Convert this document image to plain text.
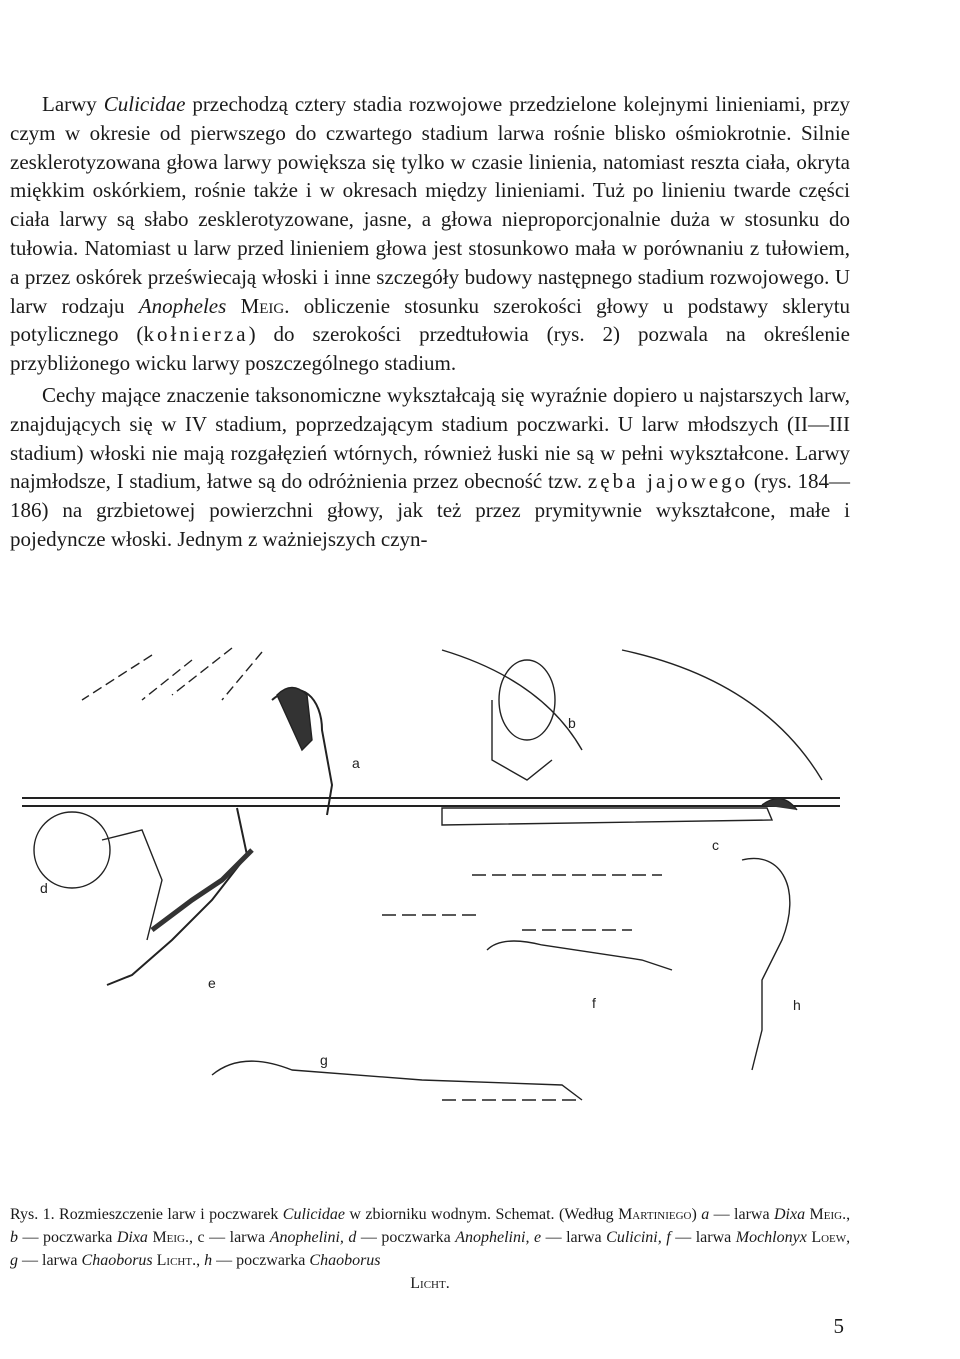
Larwy Culicidae przechodzą cztery stadia rozwojowe przedzielone kolejnymi linieniami, przy czym w okresie od pierwszego do czwartego stadium larwa rośnie blisko ośmiokrotnie. Silnie zesklerotyzowana głowa larwy powiększa się tylko w czasie linienia, natomiast reszta ciała, okryta miękkim oskórkiem, rośnie także i w okresach między linieniami. Tuż po linieniu twarde części ciała larwy są słabo zesklerotyzowane, jasne, a głowa nieproporcjonalnie duża w stosunku do tułowia. Natomiast u larw przed linieniem głowa jest stosunkowo mała w porównaniu z tułowiem, a przez oskórek przeświecają włoski i inne szczegóły budowy następnego stadium rozwojowego. U larw rodzaju Anopheles Meig. obliczenie stosunku szerokości głowy u podstawy sklerytu potylicznego (kołnierza) do szerokości przedtułowia (rys. 2) pozwala na określenie przybliżonego wicku larwy poszczególnego stadium.

Cechy mające znaczenie taksonomiczne wykształcają się wyraźnie dopiero u najstarszych larw, znajdujących się w IV stadium, poprzedzającym stadium poczwarki. U larw młodszych (II—III stadium) włoski nie mają rozgałęzień wtórnych, również łuski nie są w pełni wykształcone. Larwy najmłodsze, I stadium, łatwe są do odróżnienia przez obecność tzw. zęba jajowego (rys. 184—186) na grzbietowej powierzchni głowy, jak też przez prymitywnie wykształcone, małe i pojedyncze włoski. Jednym z ważniejszych czyn-

a
b
c
d
e
f
g
h
Rys. 1. Rozmieszczenie larw i poczwarek Culicidae w zbiorniku wodnym. Schemat. (Według Martiniego) a — larwa Dixa Meig., b — poczwarka Dixa Meig., c — larwa Anophelini, d — poczwarka Anophelini, e — larwa Culicini, f — larwa Mochlonyx Loew, g — larwa Chaoborus Licht., h — poczwarka Chaoborus
Licht.
5
